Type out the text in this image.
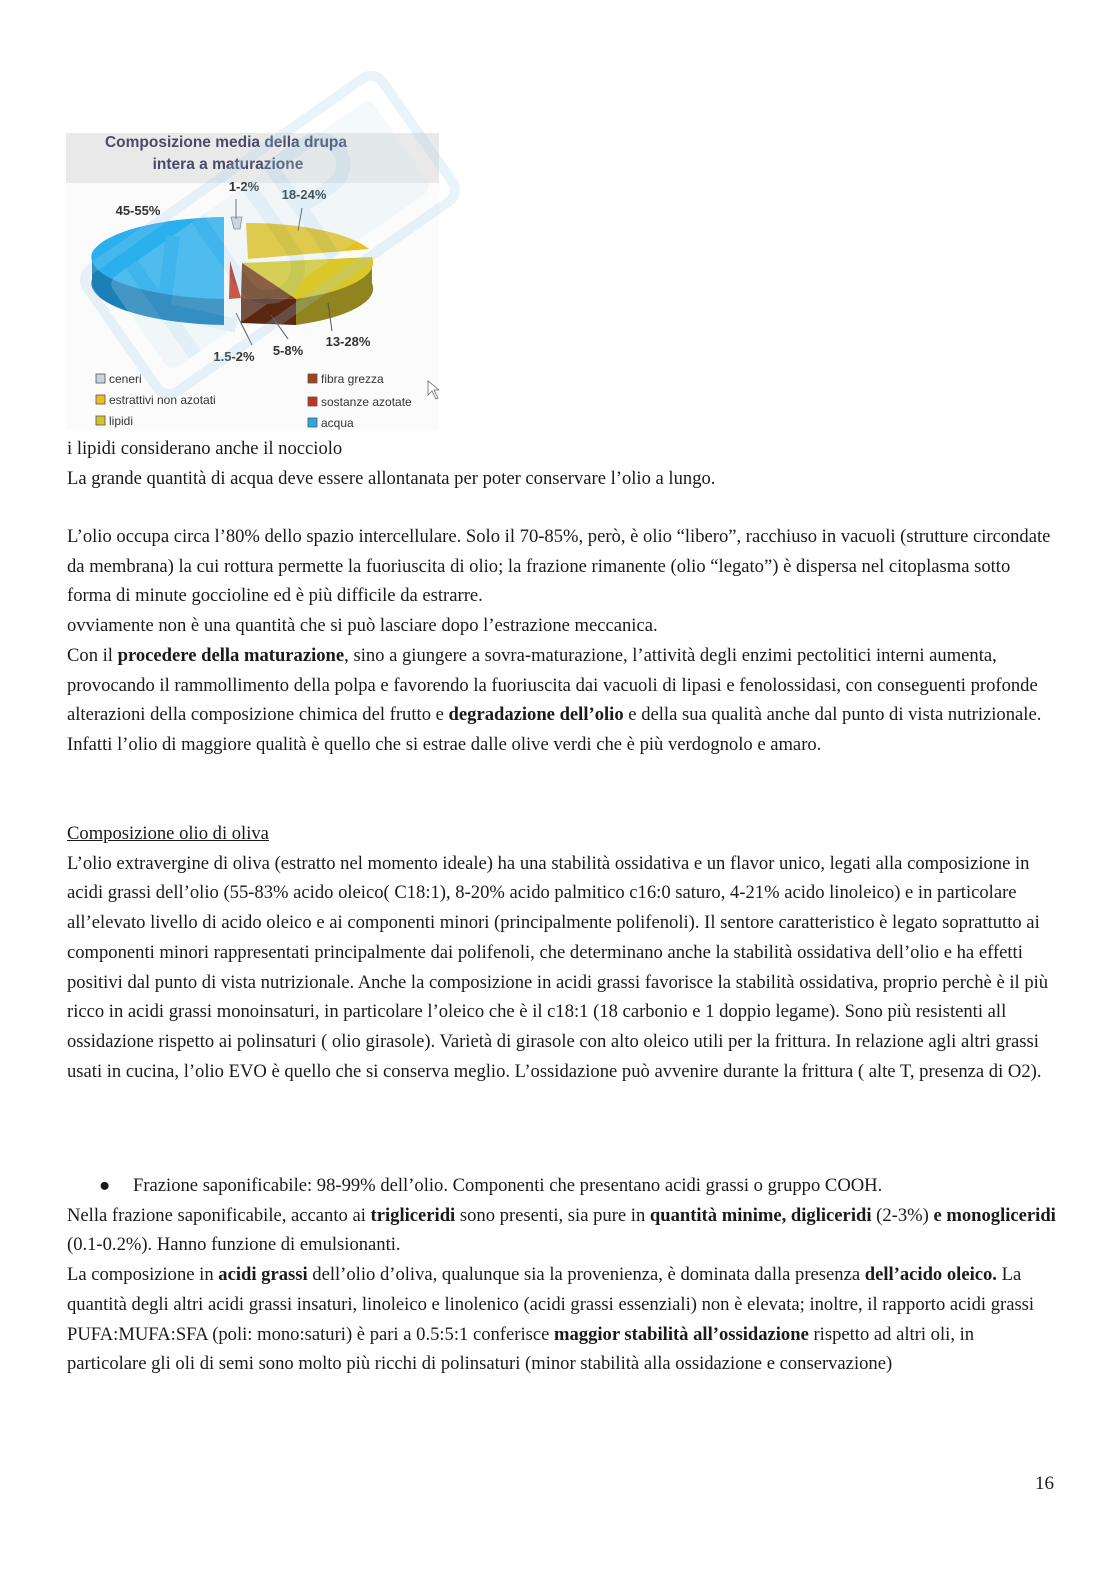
Composizione media della drupa
intera a maturazione
1-2%
18-24%
13-28%
5-8%
1.5-2%
45-55%
ceneri	fibra grezza
estrattivi non azotati	sostanze azotate
lipidi	acqua

i lipidi considerano anche il nocciolo

La grande quantità di acqua deve essere allontanata per poter conservare l’olio a lungo.

L’olio occupa circa l’80% dello spazio intercellulare. Solo il 70-85%, però, è olio “libero”, racchiuso in vacuoli (strutture circondate da membrana) la cui rottura permette la fuoriuscita di olio; la frazione rimanente (olio “legato”) è dispersa nel citoplasma sotto forma di minute goccioline ed è più difficile da estrarre.

ovviamente non è una quantità che si può lasciare dopo l’estrazione meccanica.

Con il procedere della maturazione, sino a giungere a sovra-maturazione, l’attività degli enzimi pectolitici interni aumenta, provocando il rammollimento della polpa e favorendo la fuoriuscita dai vacuoli di lipasi e fenolossidasi, con conseguenti profonde alterazioni della composizione chimica del frutto e degradazione dell’olio e della sua qualità anche dal punto di vista nutrizionale. Infatti l’olio di maggiore qualità è quello che si estrae dalle olive verdi che è più verdognolo e amaro.

Composizione olio di oliva

L’olio extravergine di oliva (estratto nel momento ideale) ha una stabilità ossidativa e un flavor unico, legati alla composizione in acidi grassi dell’olio (55-83% acido oleico( C18:1), 8-20% acido palmitico c16:0 saturo, 4-21% acido linoleico) e in particolare all’elevato livello di acido oleico e ai componenti minori (principalmente polifenoli). Il sentore caratteristico è legato soprattutto ai componenti minori rappresentati principalmente dai polifenoli, che determinano anche la stabilità ossidativa dell’olio e ha effetti positivi dal punto di vista nutrizionale. Anche la composizione in acidi grassi favorisce la stabilità ossidativa, proprio perchè è il più ricco in acidi grassi monoinsaturi, in particolare l’oleico che è il c18:1 (18 carbonio e 1 doppio legame). Sono più resistenti all ossidazione rispetto ai polinsaturi ( olio girasole). Varietà di girasole con alto oleico utili per la frittura. In relazione agli altri grassi usati in cucina, l’olio EVO è quello che si conserva meglio. L’ossidazione può avvenire durante la frittura ( alte T, presenza di O2).

●	Frazione saponificabile: 98-99% dell’olio. Componenti che presentano acidi grassi o gruppo COOH.

Nella frazione saponificabile, accanto ai trigliceridi sono presenti, sia pure in quantità minime, digliceridi (2-3%) e monogliceridi (0.1-0.2%). Hanno funzione di emulsionanti.

La composizione in acidi grassi dell’olio d’oliva, qualunque sia la provenienza, è dominata dalla presenza dell’acido oleico. La quantità degli altri acidi grassi insaturi, linoleico e linolenico (acidi grassi essenziali) non è elevata; inoltre, il rapporto acidi grassi PUFA:MUFA:SFA (poli: mono:saturi) è pari a 0.5:5:1 conferisce maggior stabilità all’ossidazione rispetto ad altri oli, in particolare gli oli di semi sono molto più ricchi di polinsaturi (minor stabilità alla ossidazione e conservazione)

16
